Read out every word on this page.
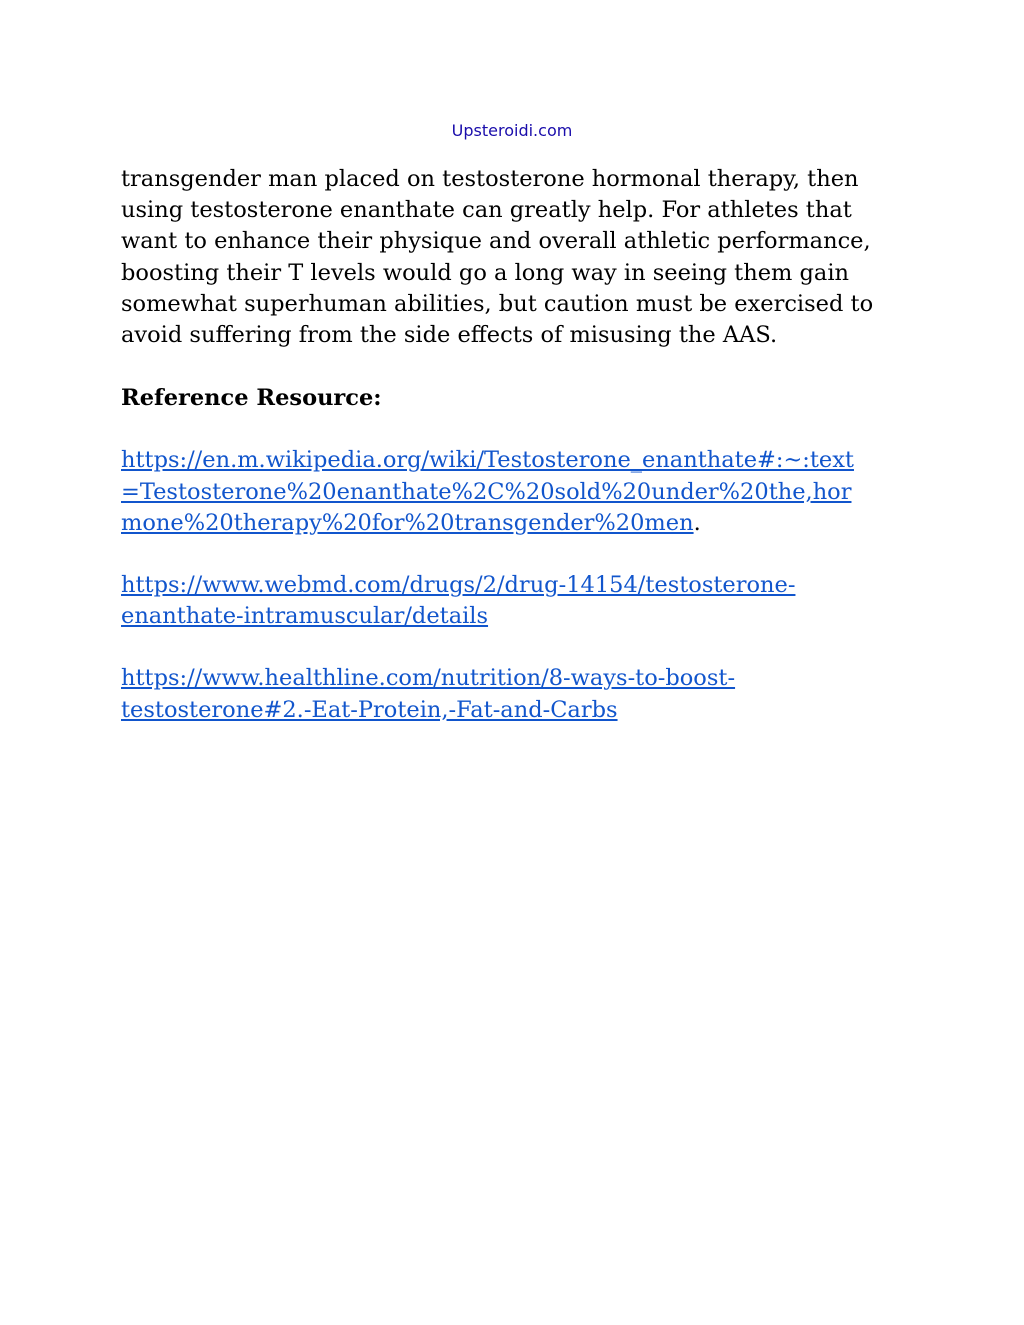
Upsteroidi.com

transgender man placed on testosterone hormonal therapy, then
using testosterone enanthate can greatly help. For athletes that
want to enhance their physique and overall athletic performance,
boosting their T levels would go a long way in seeing them gain
somewhat superhuman abilities, but caution must be exercised to
avoid suffering from the side effects of misusing the AAS.

Reference Resource:

https://en.m.wikipedia.org/wiki/Testosterone_enanthate#:~:text
=Testosterone%20enanthate%2C%20sold%20under%20the,hor
mone%20therapy%20for%20transgender%20men.

https://www.webmd.com/drugs/2/drug-14154/testosterone-
enanthate-intramuscular/details

https://www.healthline.com/nutrition/8-ways-to-boost-
testosterone#2.-Eat-Protein,-Fat-and-Carbs
